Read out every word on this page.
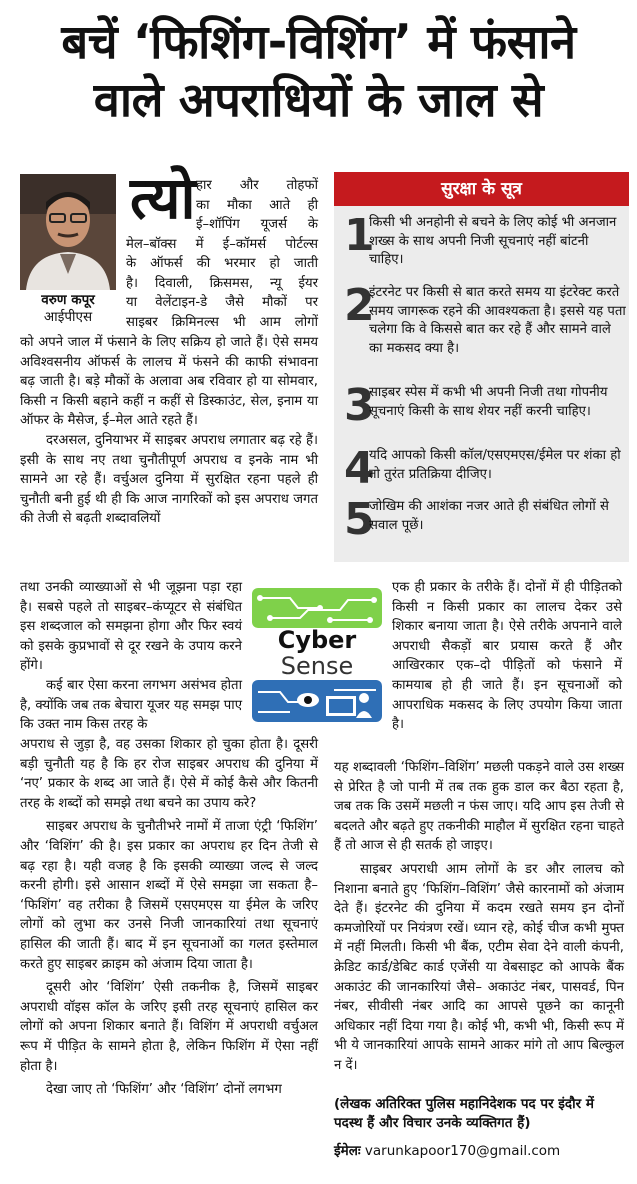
बचें ‘फिशिंग-विशिंग’ में फंसाने
वाले अपराधियों के जाल से
वरुण कपूर
आईपीएस
त्यो हार और तोहफों
का मौका आते ही
ई–शॉपिंग यूजर्स के
मेल–बॉक्स में ई–कॉमर्स पोर्टल्स
के ऑफर्स की भरमार हो जाती
है। दिवाली, क्रिसमस, न्यू ईयर
या वेलेंटाइन-डे जैसे मौकों पर
साइबर क्रिमिनल्स भी आम लोगों

को अपने जाल में फंसाने के लिए सक्रिय हो जाते हैं। ऐसे समय अविश्वसनीय ऑफर्स के लालच में फंसने की काफी संभावना बढ़ जाती है। बड़े मौकों के अलावा अब रविवार हो या सोमवार, किसी न किसी बहाने कहीं न कहीं से डिस्काउंट, सेल, इनाम या ऑफर के मैसेज, ई–मेल आते रहते हैं।

दरअसल, दुनियाभर में साइबर अपराध लगातार बढ़ रहे हैं। इसी के साथ नए तथा चुनौतीपूर्ण अपराध व इनके नाम भी सामने आ रहे हैं। वर्चुअल दुनिया में सुरक्षित रहना पहले ही चुनौती बनी हुई थी ही कि आज नागरिकों को इस अपराध जगत की तेजी से बढ़ती शब्दावलियों

तथा उनकी व्याख्याओं से भी जूझना पड़ा रहा है। सबसे पहले तो साइबर–कंप्यूटर से संबंधित इस शब्दजाल को समझना होगा और फिर स्वयं को इसके कुप्रभावों से दूर रखने के उपाय करने होंगे।

कई बार ऐसा करना लगभग असंभव होता है, क्योंकि जब तक बेचारा यूजर यह समझ पाए कि उक्त नाम किस तरह के

अपराध से जुड़ा है, वह उसका शिकार हो चुका होता है। दूसरी बड़ी चुनौती यह है कि हर रोज साइबर अपराध की दुनिया में ‘नए’ प्रकार के शब्द आ जाते हैं। ऐसे में कोई कैसे और कितनी तरह के शब्दों को समझे तथा बचने का उपाय करे?

साइबर अपराध के चुनौतीभरे नामों में ताजा एंट्री ‘फिशिंग’ और ‘विशिंग’ की है। इस प्रकार का अपराध हर दिन तेजी से बढ़ रहा है। यही वजह है कि इसकी व्याख्या जल्द से जल्द करनी होगी। इसे आसान शब्दों में ऐसे समझा जा सकता है– ‘फिशिंग’ वह तरीका है जिसमें एसएमएस या ईमेल के जरिए लोगों को लुभा कर उनसे निजी जानकारियां तथा सूचनाएं हासिल की जाती हैं। बाद में इन सूचनाओं का गलत इस्तेमाल करते हुए साइबर क्राइम को अंजाम दिया जाता है।

दूसरी ओर ‘विशिंग’ ऐसी तकनीक है, जिसमें साइबर अपराधी वॉइस कॉल के जरिए इसी तरह सूचनाएं हासिल कर लोगों को अपना शिकार बनाते हैं। विशिंग में अपराधी वर्चुअल रूप में पीड़ित के सामने होता है, लेकिन फिशिंग में ऐसा नहीं होता है।

देखा जाए तो ‘फिशिंग’ और ‘विशिंग’ दोनों लगभग

सुरक्षा के सूत्र
1
किसी भी अनहोनी से बचने के लिए कोई भी अनजान शख्स के साथ अपनी निजी सूचनाएं नहीं बांटनी चाहिए।
2
इंटरनेट पर किसी से बात करते समय या इंटरेक्ट करते समय जागरूक रहने की आवश्यकता है। इससे यह पता चलेगा कि वे किससे बात कर रहे हैं और सामने वाले का मकसद क्या है।
3
साइबर स्पेस में कभी भी अपनी निजी तथा गोपनीय सूचनाएं किसी के साथ शेयर नहीं करनी चाहिए।
4
यदि आपको किसी कॉल/एसएमएस/ईमेल पर शंका हो तो तुरंत प्रतिक्रिया दीजिए।
5
जोखिम की आशंका नजर आते ही संबंधित लोगों से सवाल पूछें।
Cyber
Sense

एक ही प्रकार के तरीके हैं। दोनों में ही पीड़ितको किसी न किसी प्रकार का लालच देकर उसे शिकार बनाया जाता है। ऐसे तरीके अपनाने वाले अपराधी सैकड़ों बार प्रयास करते हैं और आखिरकार एक–दो पीड़ितों को फंसाने में कामयाब हो ही जाते हैं। इन सूचनाओं को आपराधिक मकसद के लिए उपयोग किया जाता है।

यह शब्दावली ‘फिशिंग–विशिंग’ मछली पकड़ने वाले उस शख्स से प्रेरित है जो पानी में तब तक हुक डाल कर बैठा रहता है, जब तक कि उसमें मछली न फंस जाए। यदि आप इस तेजी से बदलते और बढ़ते हुए तकनीकी माहौल में सुरक्षित रहना चाहते हैं तो आज से ही सतर्क हो जाइए।

साइबर अपराधी आम लोगों के डर और लालच को निशाना बनाते हुए ‘फिशिंग–विशिंग’ जैसे कारनामों को अंजाम देते हैं। इंटरनेट की दुनिया में कदम रखते समय इन दोनों कमजोरियों पर नियंत्रण रखें। ध्यान रहे, कोई चीज कभी मुफ्त में नहीं मिलती। किसी भी बैंक, एटीम सेवा देने वाली कंपनी, क्रेडिट कार्ड/डेबिट कार्ड एजेंसी या वेबसाइट को आपके बैंक अकाउंट की जानकारियां जैसे– अकाउंट नंबर, पासवर्ड, पिन नंबर, सीवीसी नंबर आदि का आपसे पूछने का कानूनी अधिकार नहीं दिया गया है। कोई भी, कभी भी, किसी रूप में भी ये जानकारियां आपके सामने आकर मांगे तो आप बिल्कुल न दें।

(लेखक अतिरिक्त पुलिस महानिदेशक पद पर इंदौर में पदस्थ हैं और विचार उनके व्यक्तिगत हैं)
ईमेलः varunkapoor170@gmail.com
